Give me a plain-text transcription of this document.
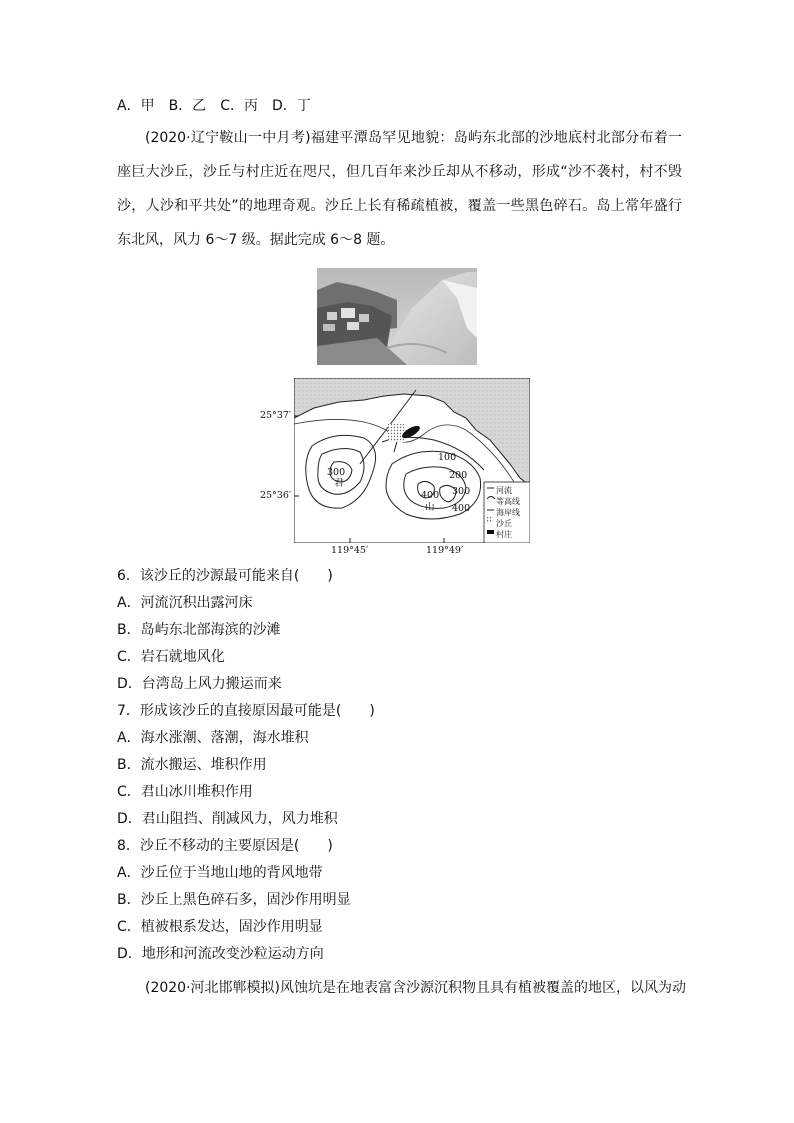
A．甲  B．乙  C．丙  D．丁
(2020·辽宁鞍山一中月考)福建平潭岛罕见地貌：岛屿东北部的沙地底村北部分布着一座巨大沙丘，沙丘与村庄近在咫尺，但几百年来沙丘却从不移动，形成“沙不袭村，村不毁沙，人沙和平共处”的地理奇观。沙丘上长有稀疏植被，覆盖一些黑色碎石。岛上常年盛行东北风，风力 6～7 级。据此完成 6～8 题。
25°37′
25°36′
119°45′	119°49′
100
200
300
400 300
400
君
山
河流
等高线
海岸线
沙丘
村庄
6．该沙丘的沙源最可能来自(　　)
A．河流沉积出露河床
B．岛屿东北部海滨的沙滩
C．岩石就地风化
D．台湾岛上风力搬运而来
7．形成该沙丘的直接原因最可能是(　　)
A．海水涨潮、落潮，海水堆积
B．流水搬运、堆积作用
C．君山冰川堆积作用
D．君山阻挡、削减风力，风力堆积
8．沙丘不移动的主要原因是(　　)
A．沙丘位于当地山地的背风地带
B．沙丘上黑色碎石多，固沙作用明显
C．植被根系发达，固沙作用明显
D．地形和河流改变沙粒运动方向
(2020·河北邯郸模拟)风蚀坑是在地表富含沙源沉积物且具有植被覆盖的地区，以风为动
